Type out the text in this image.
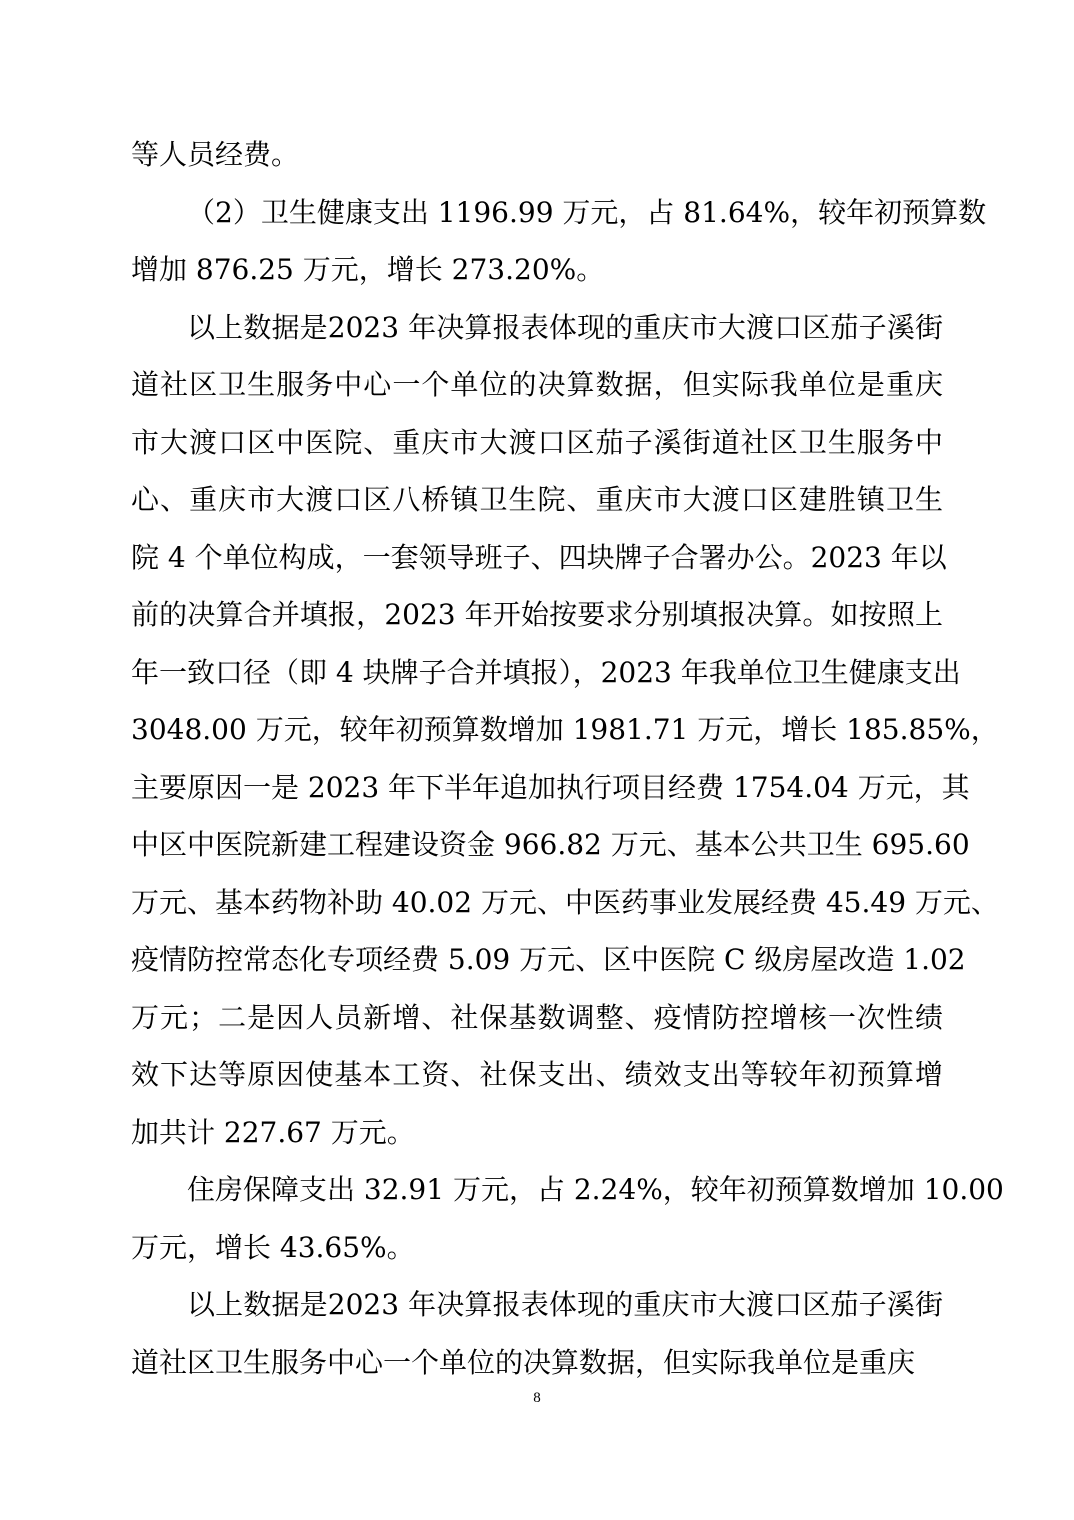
等人员经费。
（2）卫生健康支出 1196.99 万元，占 81.64%，较年初预算数
增加 876.25 万元，增长 273.20%。
以上数据是2023 年决算报表体现的重庆市大渡口区茄子溪街
道社区卫生服务中心一个单位的决算数据，但实际我单位是重庆
市大渡口区中医院、重庆市大渡口区茄子溪街道社区卫生服务中
心、重庆市大渡口区八桥镇卫生院、重庆市大渡口区建胜镇卫生
院 4 个单位构成，一套领导班子、四块牌子合署办公。2023 年以
前的决算合并填报，2023 年开始按要求分别填报决算。如按照上
年一致口径（即 4 块牌子合并填报），2023 年我单位卫生健康支出
3048.00 万元，较年初预算数增加 1981.71 万元，增长 185.85%，
主要原因一是 2023 年下半年追加执行项目经费 1754.04 万元，其
中区中医院新建工程建设资金 966.82 万元、基本公共卫生 695.60
万元、基本药物补助 40.02 万元、中医药事业发展经费 45.49 万元、
疫情防控常态化专项经费 5.09 万元、区中医院 C 级房屋改造 1.02
万元；二是因人员新增、社保基数调整、疫情防控增核一次性绩
效下达等原因使基本工资、社保支出、绩效支出等较年初预算增
加共计 227.67 万元。
住房保障支出 32.91 万元，占 2.24%，较年初预算数增加 10.00
万元，增长 43.65%。
以上数据是2023 年决算报表体现的重庆市大渡口区茄子溪街
道社区卫生服务中心一个单位的决算数据，但实际我单位是重庆
8
